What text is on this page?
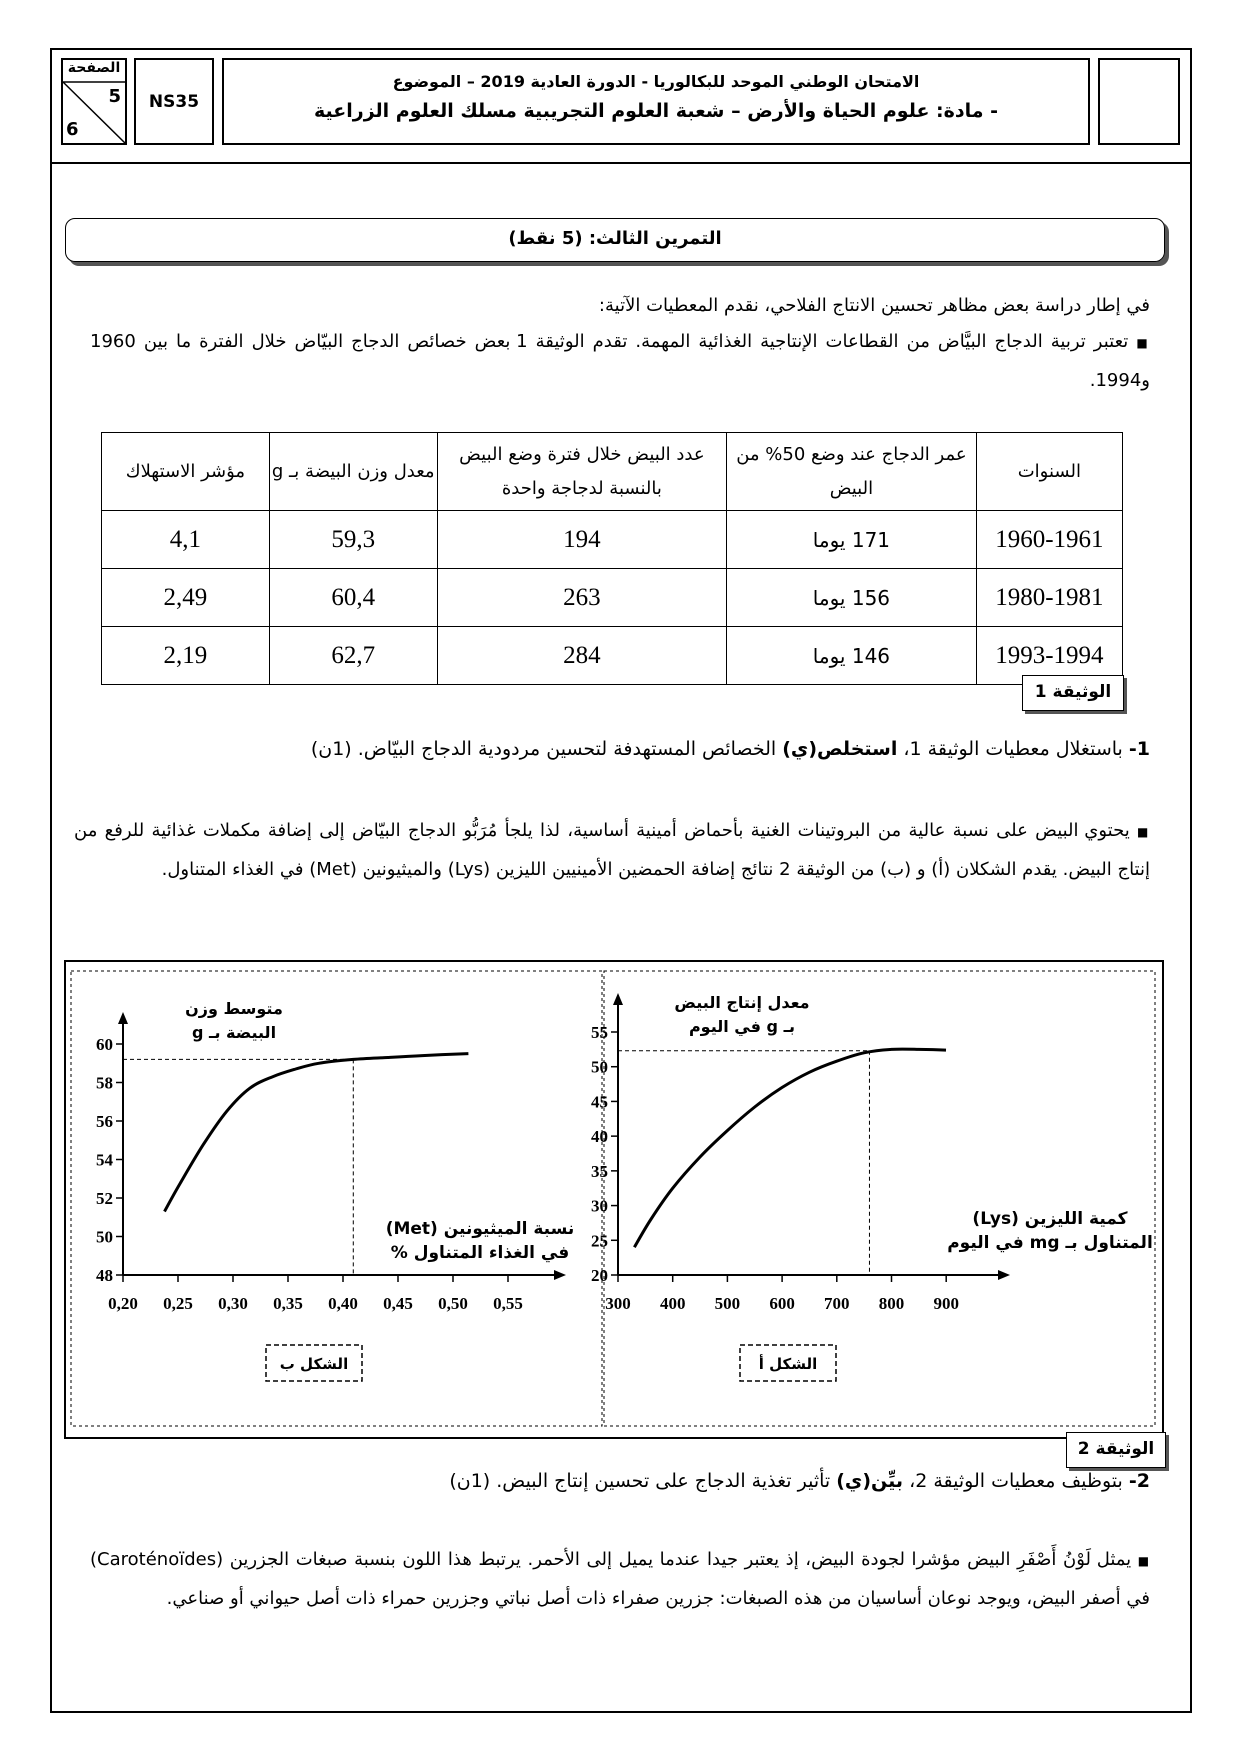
الصفحة
5
6
NS35
الامتحان الوطني الموحد للبكالوريا - الدورة العادية 2019 – الموضوع
- مادة: علوم الحياة والأرض – شعبة العلوم التجريبية مسلك العلوم الزراعية
التمرين الثالث: (5 نقط)
في إطار دراسة بعض مظاهر تحسين الانتاج الفلاحي، نقدم المعطيات الآتية:
■ تعتبر تربية الدجاج البيَّاض من القطاعات الإنتاجية الغذائية المهمة. تقدم الوثيقة 1 بعض خصائص الدجاج البيّاض خلال الفترة ما بين 1960 و1994.
السنوات	عمر الدجاج عند وضع 50% من البيض	عدد البيض خلال فترة وضع البيض بالنسبة لدجاجة واحدة	معدل وزن البيضة بـ g	مؤشر الاستهلاك
1960-1961	171 يوما	194	59,3	4,1
1980-1981	156 يوما	263	60,4	2,49
1993-1994	146 يوما	284	62,7	2,19
الوثيقة 1
1- باستغلال معطيات الوثيقة 1، استخلص(ي) الخصائص المستهدفة لتحسين مردودية الدجاج البيّاض. (1ن)
■ يحتوي البيض على نسبة عالية من البروتينات الغنية بأحماض أمينية أساسية، لذا يلجأ مُرَبُّو الدجاج البيّاض إلى إضافة مكملات غذائية للرفع من إنتاج البيض. يقدم الشكلان (أ) و (ب) من الوثيقة 2 نتائج إضافة الحمضين الأمينيين الليزين (Lys) والميثيونين (Met) في الغذاء المتناول.
48
50
52
54
56
58
60
0,20 0,25 0,30 0,35 0,40 0,45 0,50 0,55
متوسط وزن
البيضة بـ g
نسبة الميثيونين (Met)
في الغذاء المتناول %
الشكل ب
20
25
30
35
40
45
50
55
300 400 500 600 700 800 900
معدل إنتاج البيض
بـ g في اليوم
كمية الليزين (Lys)
المتناول بـ mg في اليوم
الشكل أ
الوثيقة 2
2- بتوظيف معطيات الوثيقة 2، بيِّن(ي) تأثير تغذية الدجاج على تحسين إنتاج البيض. (1ن)
■ يمثل لَوْنُ أَصْفَرِ البيض مؤشرا لجودة البيض، إذ يعتبر جيدا عندما يميل إلى الأحمر. يرتبط هذا اللون بنسبة صبغات الجزرين (Caroténoïdes) في أصفر البيض، ويوجد نوعان أساسيان من هذه الصبغات: جزرين صفراء ذات أصل نباتي وجزرين حمراء ذات أصل حيواني أو صناعي.
